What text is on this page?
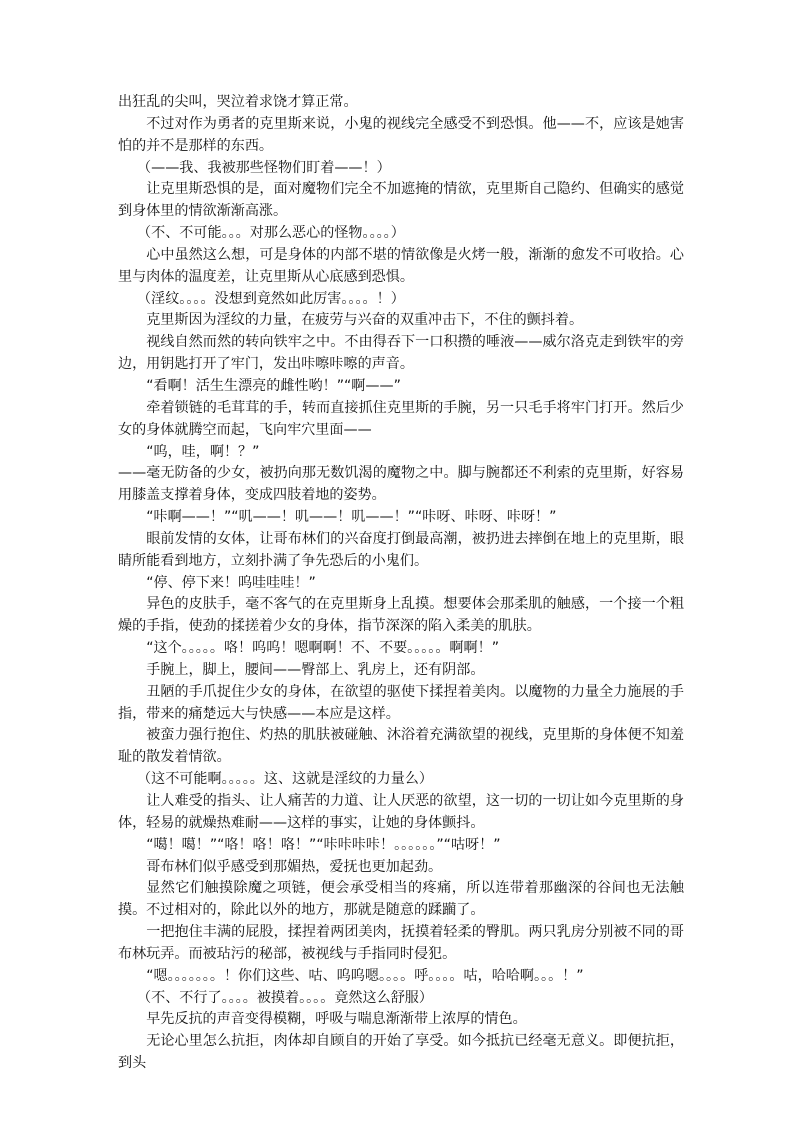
出狂乱的尖叫，哭泣着求饶才算正常。

不过对作为勇者的克里斯来说，小鬼的视线完全感受不到恐惧。他——不，应该是她害怕的并不是那样的东西。

（——我、我被那些怪物们盯着——！）

让克里斯恐惧的是，面对魔物们完全不加遮掩的情欲，克里斯自己隐约、但确实的感觉到身体里的情欲渐渐高涨。

（不、不可能。。。对那么恶心的怪物。。。。）

心中虽然这么想，可是身体的内部不堪的情欲像是火烤一般，渐渐的愈发不可收拾。心里与肉体的温度差，让克里斯从心底感到恐惧。

（淫纹。。。。没想到竟然如此厉害。。。。！）

克里斯因为淫纹的力量，在疲劳与兴奋的双重冲击下，不住的颤抖着。

视线自然而然的转向铁牢之中。不由得吞下一口积攒的唾液——威尔洛克走到铁牢的旁边，用钥匙打开了牢门，发出咔嚓咔嚓的声音。

“看啊！活生生漂亮的雌性哟！”“啊——”

牵着锁链的毛茸茸的手，转而直接抓住克里斯的手腕，另一只毛手将牢门打开。然后少女的身体就腾空而起，飞向牢穴里面——

“呜，哇，啊！？”

——毫无防备的少女，被扔向那无数饥渴的魔物之中。脚与腕都还不利索的克里斯，好容易用膝盖支撑着身体，变成四肢着地的姿势。

“咔啊——！”“叽——！叽——！叽——！”“咔呀、咔呀、咔呀！”

眼前发情的女体，让哥布林们的兴奋度打倒最高潮，被扔进去摔倒在地上的克里斯，眼睛所能看到地方，立刻扑满了争先恐后的小鬼们。

“停、停下来！呜哇哇哇！”

异色的皮肤手，毫不客气的在克里斯身上乱摸。想要体会那柔肌的触感，一个接一个粗燥的手指，使劲的揉搓着少女的身体，指节深深的陷入柔美的肌肤。

“这个。。。。。咯！呜呜！嗯啊啊！不、不要。。。。。啊啊！”

手腕上，脚上，腰间——臀部上、乳房上，还有阴部。

丑陋的手爪捉住少女的身体，在欲望的驱使下揉捏着美肉。以魔物的力量全力施展的手指，带来的痛楚远大与快感——本应是这样。

被蛮力强行抱住、灼热的肌肤被碰触、沐浴着充满欲望的视线，克里斯的身体便不知羞耻的散发着情欲。

（这不可能啊。。。。。这、这就是淫纹的力量么）

让人难受的指头、让人痛苦的力道、让人厌恶的欲望，这一切的一切让如今克里斯的身体，轻易的就燥热难耐——这样的事实，让她的身体颤抖。

“噶！噶！”“咯！咯！咯！”“咔咔咔咔！。。。。。。”“咕呀！”

哥布林们似乎感受到那媚热，爱抚也更加起劲。

显然它们触摸除魔之项链，便会承受相当的疼痛，所以连带着那幽深的谷间也无法触摸。不过相对的，除此以外的地方，那就是随意的蹂躏了。

一把抱住丰满的屁股，揉捏着两团美肉，抚摸着轻柔的臀肌。两只乳房分别被不同的哥布林玩弄。而被玷污的秘部，被视线与手指同时侵犯。

“嗯。。。。。。。！你们这些、咕、呜呜嗯。。。。呼。。。。咕，哈哈啊。。。！”

（不、不行了。。。。被摸着。。。。竟然这么舒服）

早先反抗的声音变得模糊，呼吸与喘息渐渐带上浓厚的情色。

无论心里怎么抗拒，肉体却自顾自的开始了享受。如今抵抗已经毫无意义。即便抗拒，到头
